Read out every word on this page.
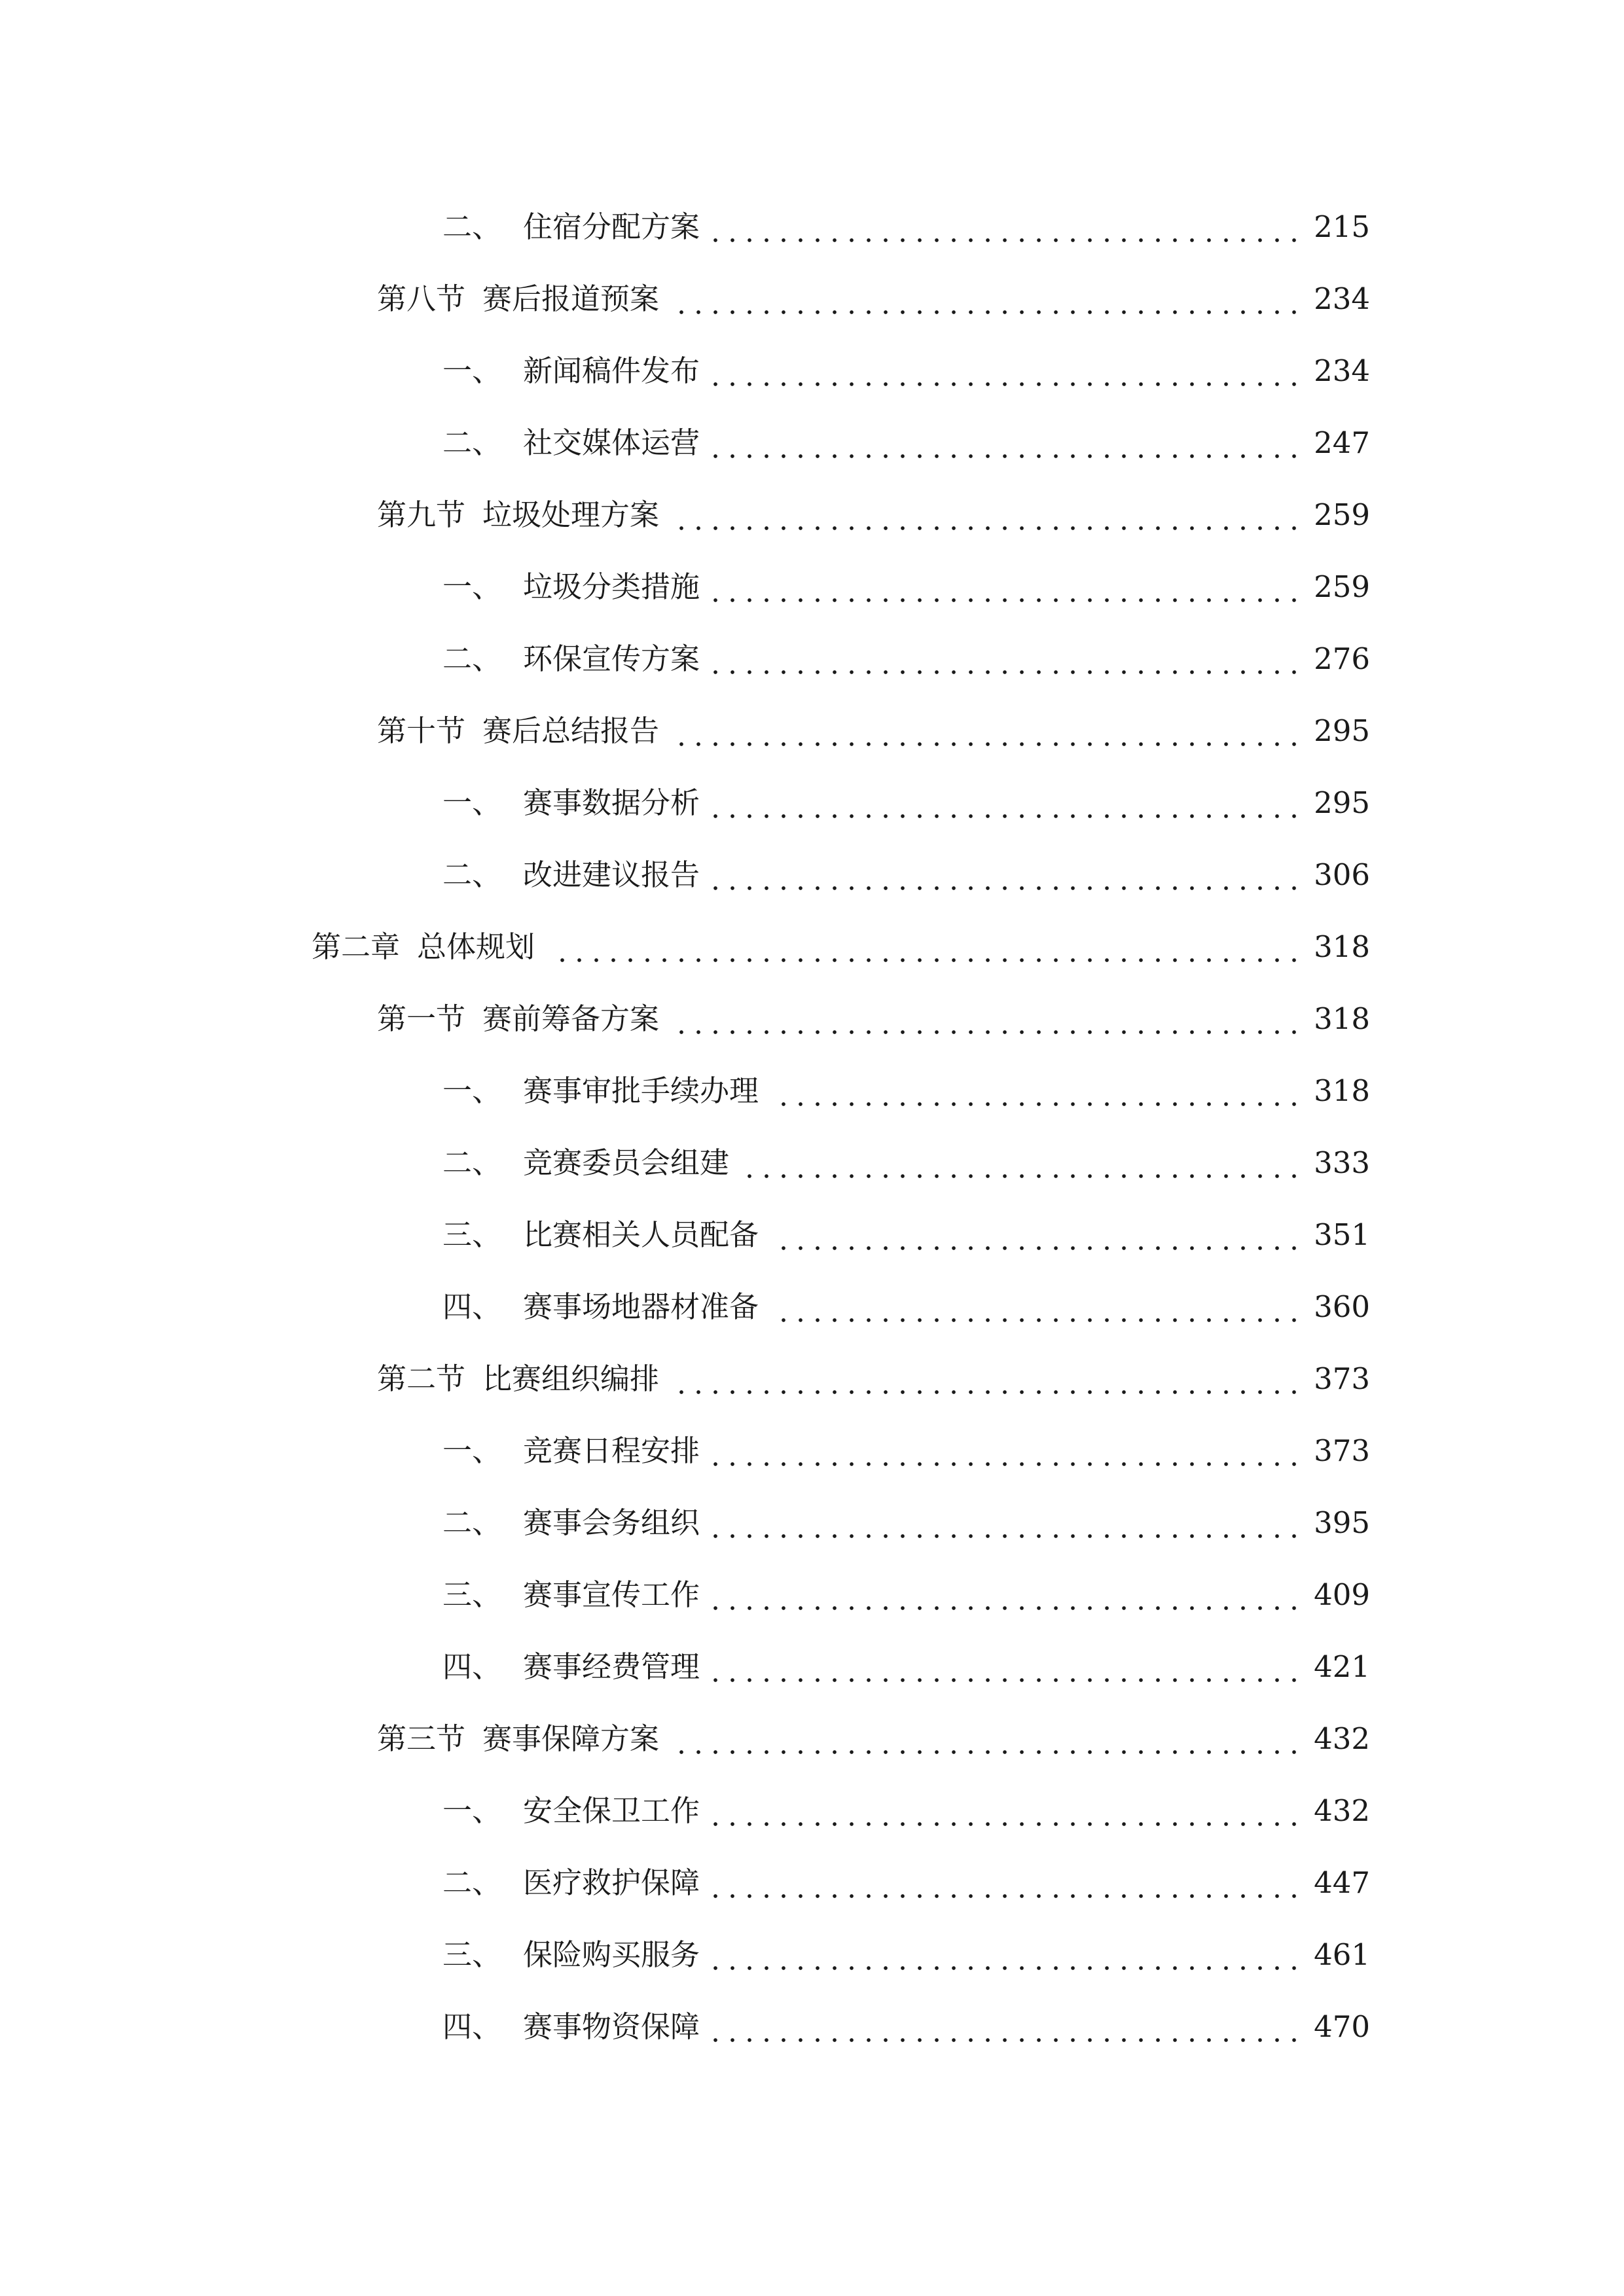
二、 住宿分配方案	215
第八节 赛后报道预案	234
一、 新闻稿件发布	234
二、 社交媒体运营	247
第九节 垃圾处理方案	259
一、 垃圾分类措施	259
二、 环保宣传方案	276
第十节 赛后总结报告	295
一、 赛事数据分析	295
二、 改进建议报告	306
第二章 总体规划	318
第一节 赛前筹备方案	318
一、 赛事审批手续办理	318
二、 竞赛委员会组建	333
三、 比赛相关人员配备	351
四、 赛事场地器材准备	360
第二节 比赛组织编排	373
一、 竞赛日程安排	373
二、 赛事会务组织	395
三、 赛事宣传工作	409
四、 赛事经费管理	421
第三节 赛事保障方案	432
一、 安全保卫工作	432
二、 医疗救护保障	447
三、 保险购买服务	461
四、 赛事物资保障	470
